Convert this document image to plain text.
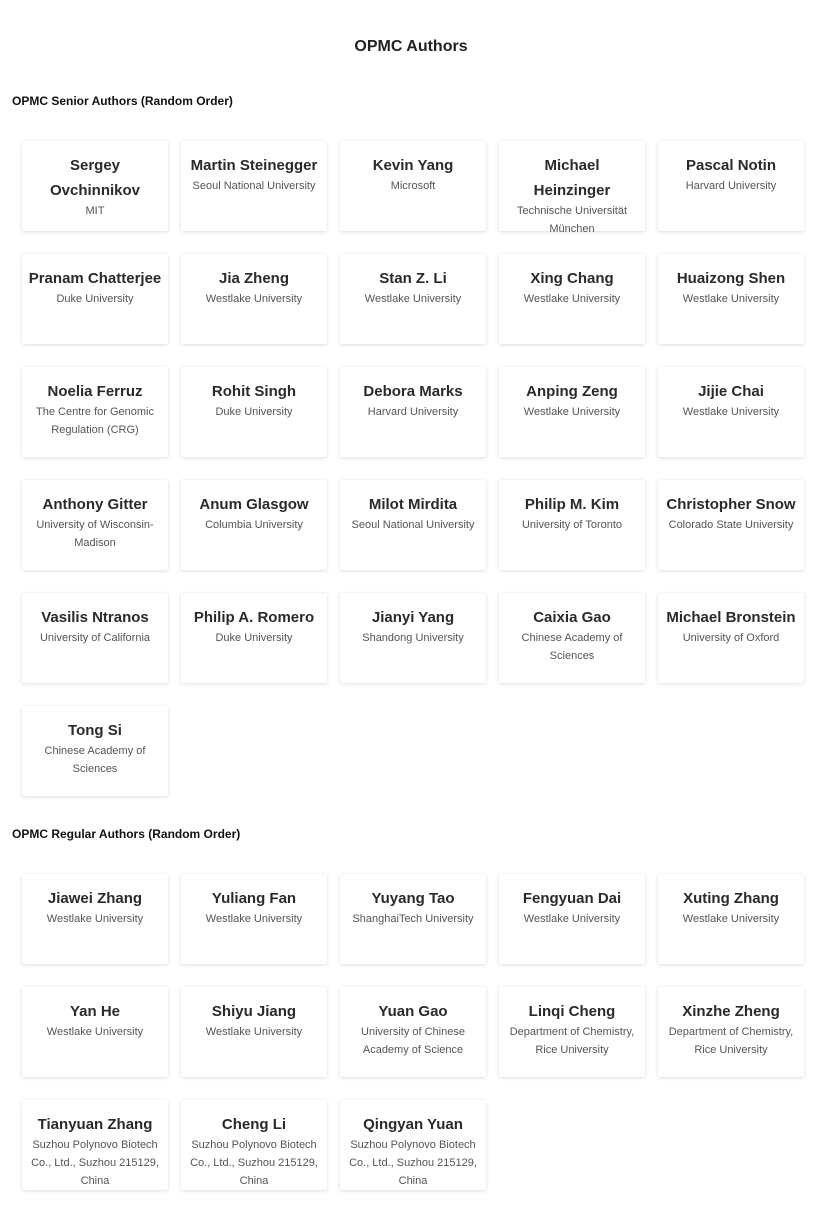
OPMC Authors
OPMC Senior Authors (Random Order)
Sergey Ovchinnikov
MIT
Martin Steinegger
Seoul National University
Kevin Yang
Microsoft
Michael Heinzinger
Technische Universität München
Pascal Notin
Harvard University
Pranam Chatterjee
Duke University
Jia Zheng
Westlake University
Stan Z. Li
Westlake University
Xing Chang
Westlake University
Huaizong Shen
Westlake University
Noelia Ferruz
The Centre for Genomic Regulation (CRG)
Rohit Singh
Duke University
Debora Marks
Harvard University
Anping Zeng
Westlake University
Jijie Chai
Westlake University
Anthony Gitter
University of Wisconsin-Madison
Anum Glasgow
Columbia University
Milot Mirdita
Seoul National University
Philip M. Kim
University of Toronto
Christopher Snow
Colorado State University
Vasilis Ntranos
University of California
Philip A. Romero
Duke University
Jianyi Yang
Shandong University
Caixia Gao
Chinese Academy of Sciences
Michael Bronstein
University of Oxford
Tong Si
Chinese Academy of Sciences
OPMC Regular Authors (Random Order)
Jiawei Zhang
Westlake University
Yuliang Fan
Westlake University
Yuyang Tao
ShanghaiTech University
Fengyuan Dai
Westlake University
Xuting Zhang
Westlake University
Yan He
Westlake University
Shiyu Jiang
Westlake University
Yuan Gao
University of Chinese Academy of Science
Linqi Cheng
Department of Chemistry, Rice University
Xinzhe Zheng
Department of Chemistry, Rice University
Tianyuan Zhang
Suzhou Polynovo Biotech Co., Ltd., Suzhou 215129, China
Cheng Li
Suzhou Polynovo Biotech Co., Ltd., Suzhou 215129, China
Qingyan Yuan
Suzhou Polynovo Biotech Co., Ltd., Suzhou 215129, China
